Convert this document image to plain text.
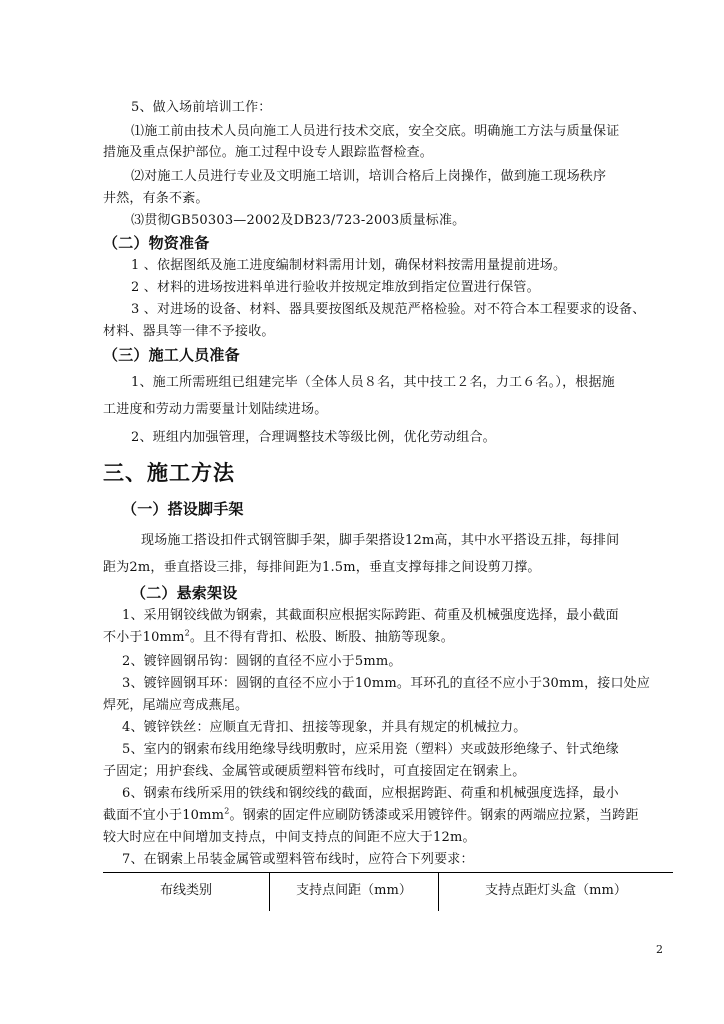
5、做入场前培训工作：
⑴施工前由技术人员向施工人员进行技术交底，安全交底。明确施工方法与质量保证
措施及重点保护部位。施工过程中设专人跟踪监督检查。
⑵对施工人员进行专业及文明施工培训，培训合格后上岗操作，做到施工现场秩序
井然，有条不紊。
⑶贯彻GB50303—2002及DB23/723-2003质量标准。
（二）物资准备
1 、依据图纸及施工进度编制材料需用计划，确保材料按需用量提前进场。
2 、材料的进场按进料单进行验收并按规定堆放到指定位置进行保管。
3 、对进场的设备、材料、器具要按图纸及规范严格检验。对不符合本工程要求的设备、
材料、器具等一律不予接收。
（三）施工人员准备
1、施工所需班组已组建完毕（全体人员８名，其中技工２名，力工６名。），根据施
工进度和劳动力需要量计划陆续进场。
2、班组内加强管理，合理调整技术等级比例，优化劳动组合。
三、施工方法
（一）搭设脚手架
现场施工搭设扣件式钢管脚手架，脚手架搭设12m高，其中水平搭设五排，每排间
距为2m，垂直搭设三排，每排间距为1.5m，垂直支撑每排之间设剪刀撑。
（二）悬索架设
1、采用钢铰线做为钢索，其截面积应根据实际跨距、荷重及机械强度选择，最小截面
不小于$10mm^2$。且不得有背扣、松股、断股、抽筋等现象。
2、镀锌圆钢吊钩：圆钢的直径不应小于5mm。
3、镀锌圆钢耳环：圆钢的直径不应小于10mm。耳环孔的直径不应小于30mm，接口处应
焊死，尾端应弯成燕尾。
4、镀锌铁丝：应顺直无背扣、扭接等现象，并具有规定的机械拉力。
5、室内的钢索布线用绝缘导线明敷时，应采用瓷（塑料）夹或鼓形绝缘子、针式绝缘
子固定；用护套线、金属管或硬质塑料管布线时，可直接固定在钢索上。
6、钢索布线所采用的铁线和钢绞线的截面，应根据跨距、荷重和机械强度选择，最小
截面不宜小于$10mm^2$。钢索的固定件应刷防锈漆或采用镀锌件。钢索的两端应拉紧，当跨距
较大时应在中间增加支持点，中间支持点的间距不应大于12m。
7、在钢索上吊装金属管或塑料管布线时，应符合下列要求：
布线类别	支持点间距（mm）	支持点距灯头盒（mm）
2
